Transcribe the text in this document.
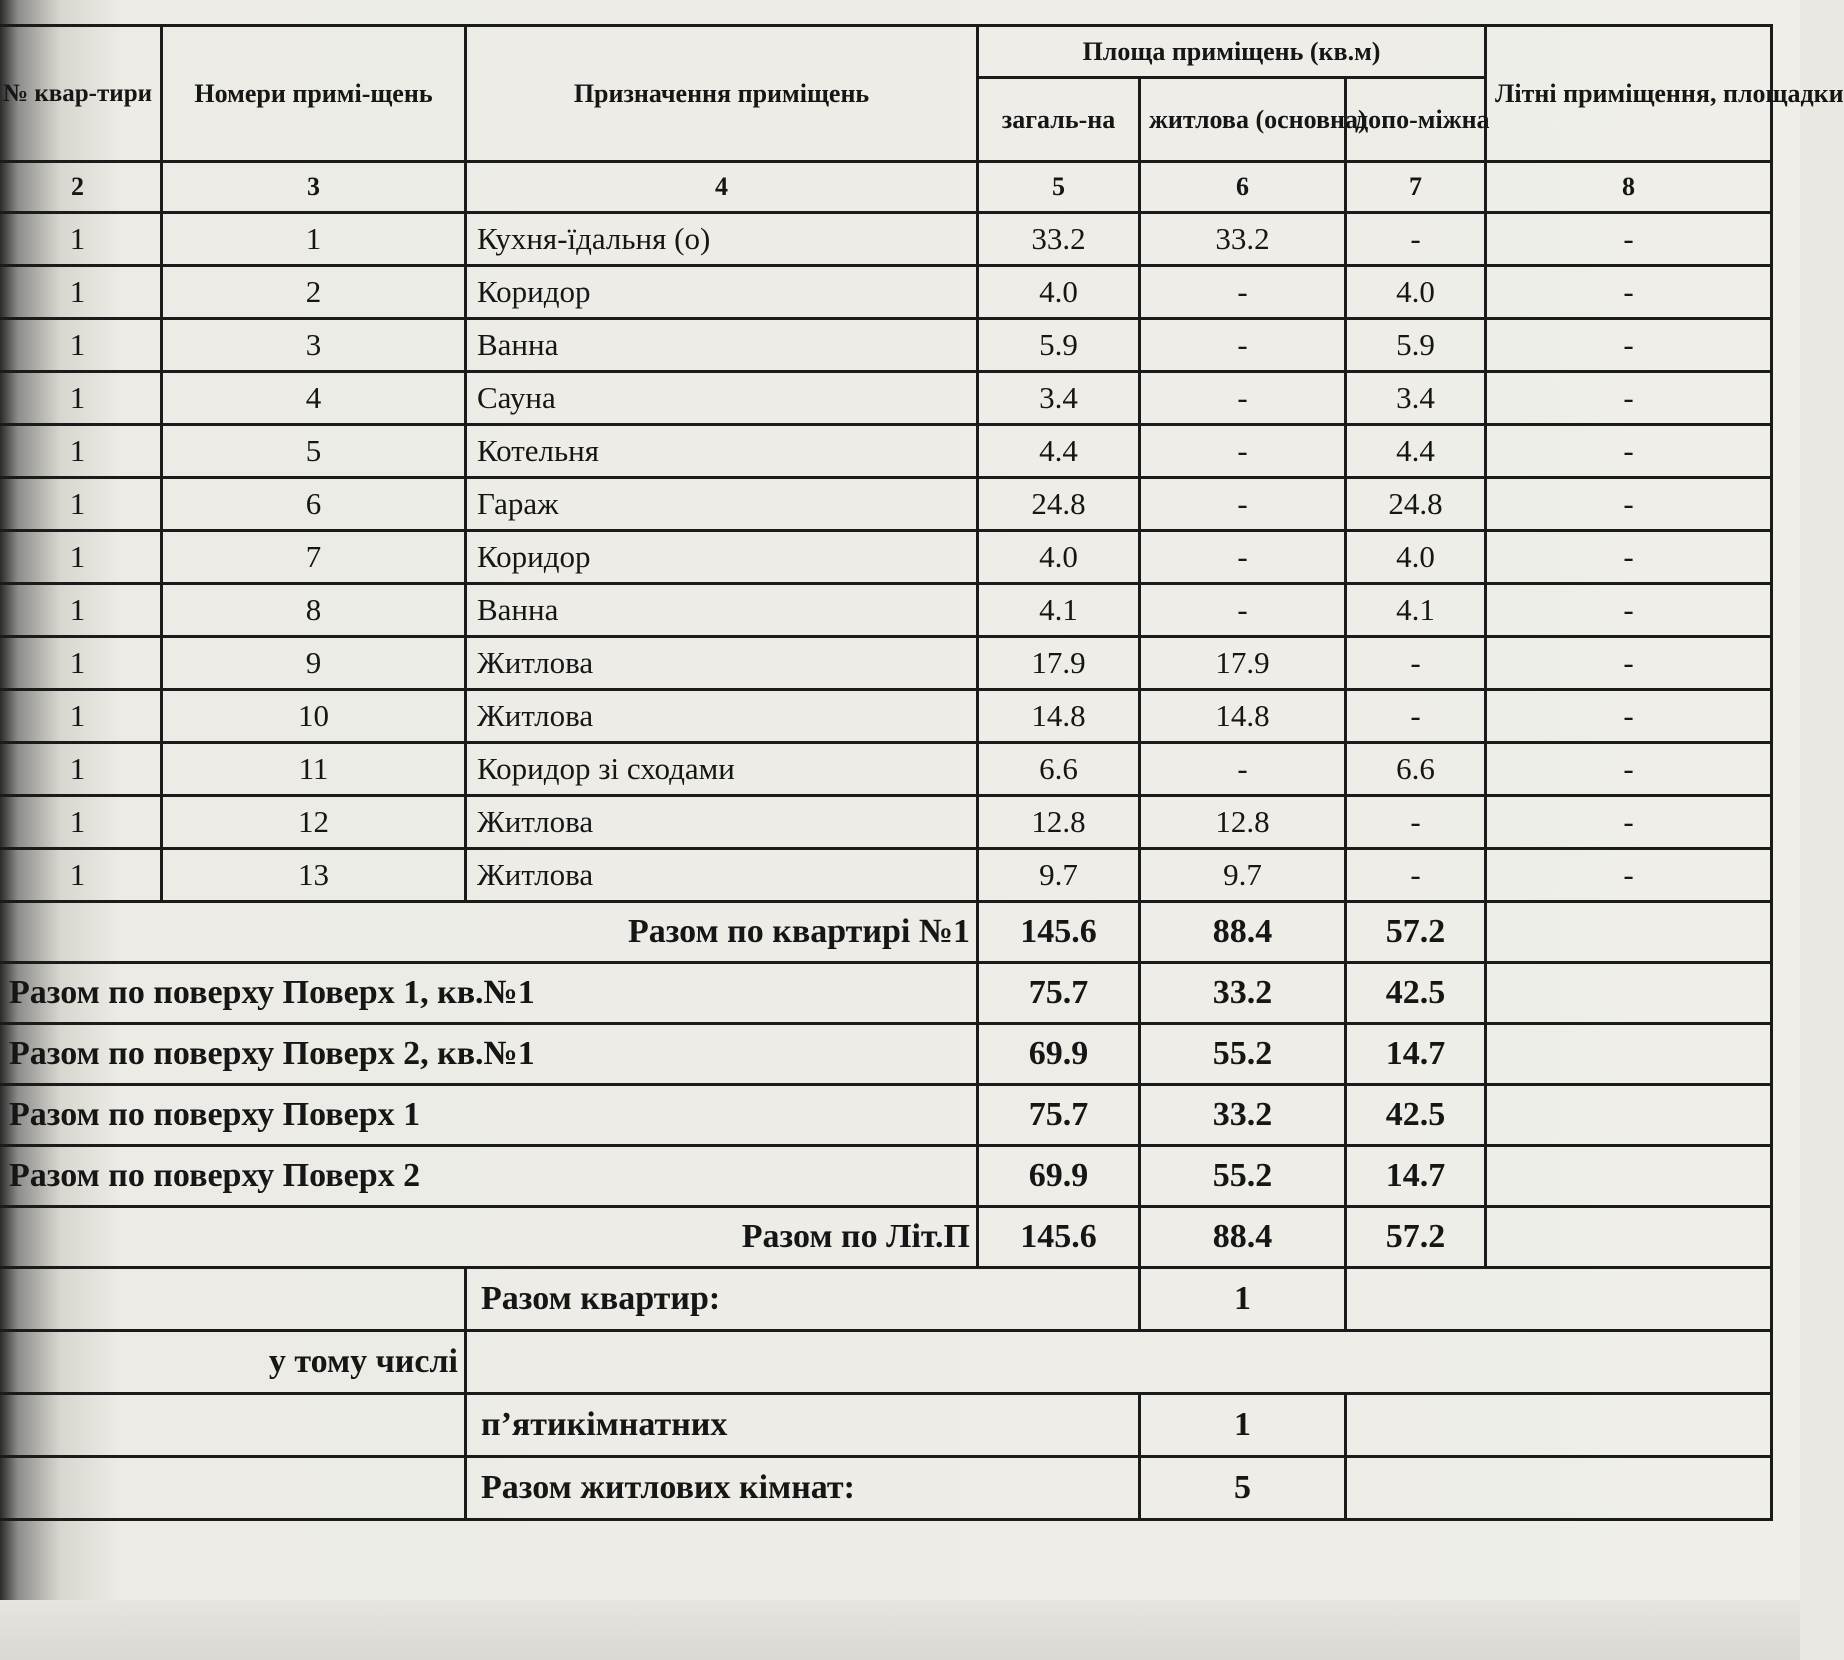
№ квар-тири	Номери примі-щень	Призначення приміщень	Площа приміщень (кв.м)			Літні приміщення, площадки
			загаль-на	житлова (основна)	допо-міжна	
2	3	4	5	6	7	8
1	1	Кухня-їдальня (о)	33.2	33.2	-	-
1	2	Коридор	4.0	-	4.0	-
1	3	Ванна	5.9	-	5.9	-
1	4	Сауна	3.4	-	3.4	-
1	5	Котельня	4.4	-	4.4	-
1	6	Гараж	24.8	-	24.8	-
1	7	Коридор	4.0	-	4.0	-
1	8	Ванна	4.1	-	4.1	-
1	9	Житлова	17.9	17.9	-	-
1	10	Житлова	14.8	14.8	-	-
1	11	Коридор зі сходами	6.6	-	6.6	-
1	12	Житлова	12.8	12.8	-	-
1	13	Житлова	9.7	9.7	-	-
Разом по квартирі №1			145.6	88.4	57.2	
Разом по поверху Поверх 1, кв.№1			75.7	33.2	42.5	
Разом по поверху Поверх 2, кв.№1			69.9	55.2	14.7	
Разом по поверху Поверх 1			75.7	33.2	42.5	
Разом по поверху Поверх 2			69.9	55.2	14.7	
Разом по Літ.П			145.6	88.4	57.2	
		Разом квартир:		1		
у тому числі						
		п’ятикімнатних		1		
		Разом житлових кімнат:		5		
